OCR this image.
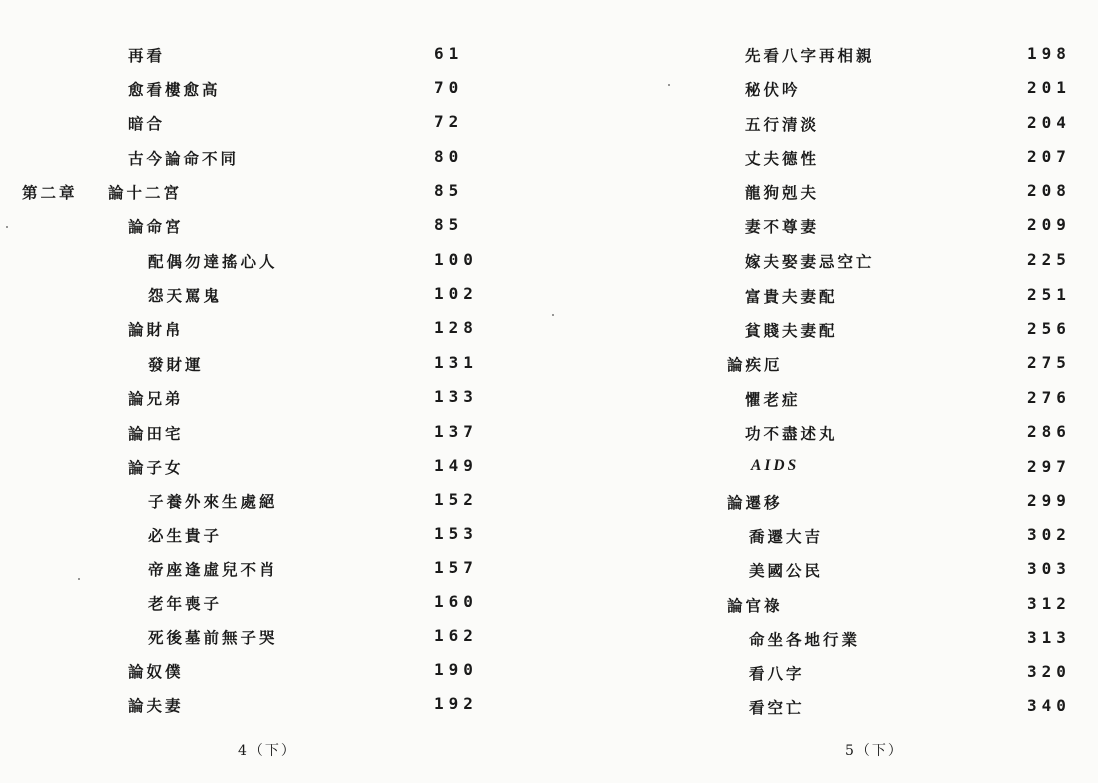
再看	61
愈看樓愈高	70
暗合	72
古今論命不同	80
第二章 論十二宮	85
論命宮	85
配偶勿達搖心人	100
怨天罵鬼	102
論財帛	128
發財運	131
論兄弟	133
論田宅	137
論子女	149
子養外來生處絕	152
必生貴子	153
帝座逢虛兒不肖	157
老年喪子	160
死後墓前無子哭	162
論奴僕	190
論夫妻	192
4（下）
先看八字再相親	198
秘伏吟	201
五行清淡	204
丈夫德性	207
龍狗剋夫	208
妻不尊妻	209
嫁夫娶妻忌空亡	225
富貴夫妻配	251
貧賤夫妻配	256
論疾厄	275
懼老症	276
功不盡述丸	286
AIDS	297
論遷移	299
喬遷大吉	302
美國公民	303
論官祿	312
命坐各地行業	313
看八字	320
看空亡	340
5（下）
